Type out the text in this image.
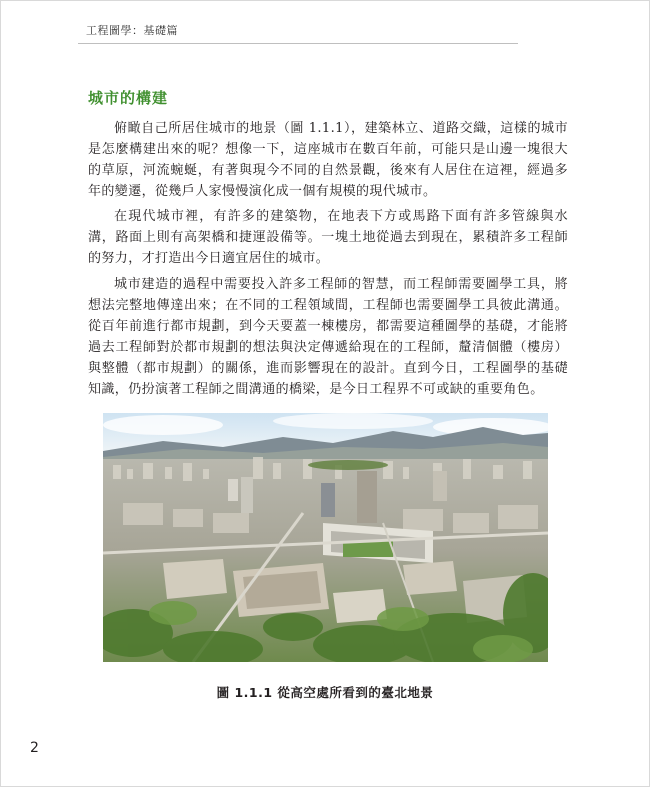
工程圖學：基礎篇
城市的構建

俯瞰自己所居住城市的地景（圖 1.1.1），建築林立、道路交織，這樣的城市是怎麼構建出來的呢？想像一下，這座城市在數百年前，可能只是山邊一塊很大的草原，河流蜿蜒，有著與現今不同的自然景觀，後來有人居住在這裡，經過多年的變遷，從幾戶人家慢慢演化成一個有規模的現代城市。

在現代城市裡，有許多的建築物，在地表下方或馬路下面有許多管線與水溝，路面上則有高架橋和捷運設備等。一塊土地從過去到現在，累積許多工程師的努力，才打造出今日適宜居住的城市。

城市建造的過程中需要投入許多工程師的智慧，而工程師需要圖學工具，將想法完整地傳達出來；在不同的工程領域間，工程師也需要圖學工具彼此溝通。從百年前進行都市規劃，到今天要蓋一棟樓房，都需要這種圖學的基礎，才能將過去工程師對於都市規劃的想法與決定傳遞給現在的工程師，釐清個體（樓房）與整體（都市規劃）的關係，進而影響現在的設計。直到今日，工程圖學的基礎知識，仍扮演著工程師之間溝通的橋梁，是今日工程界不可或缺的重要角色。

圖 1.1.1 從高空處所看到的臺北地景
2
